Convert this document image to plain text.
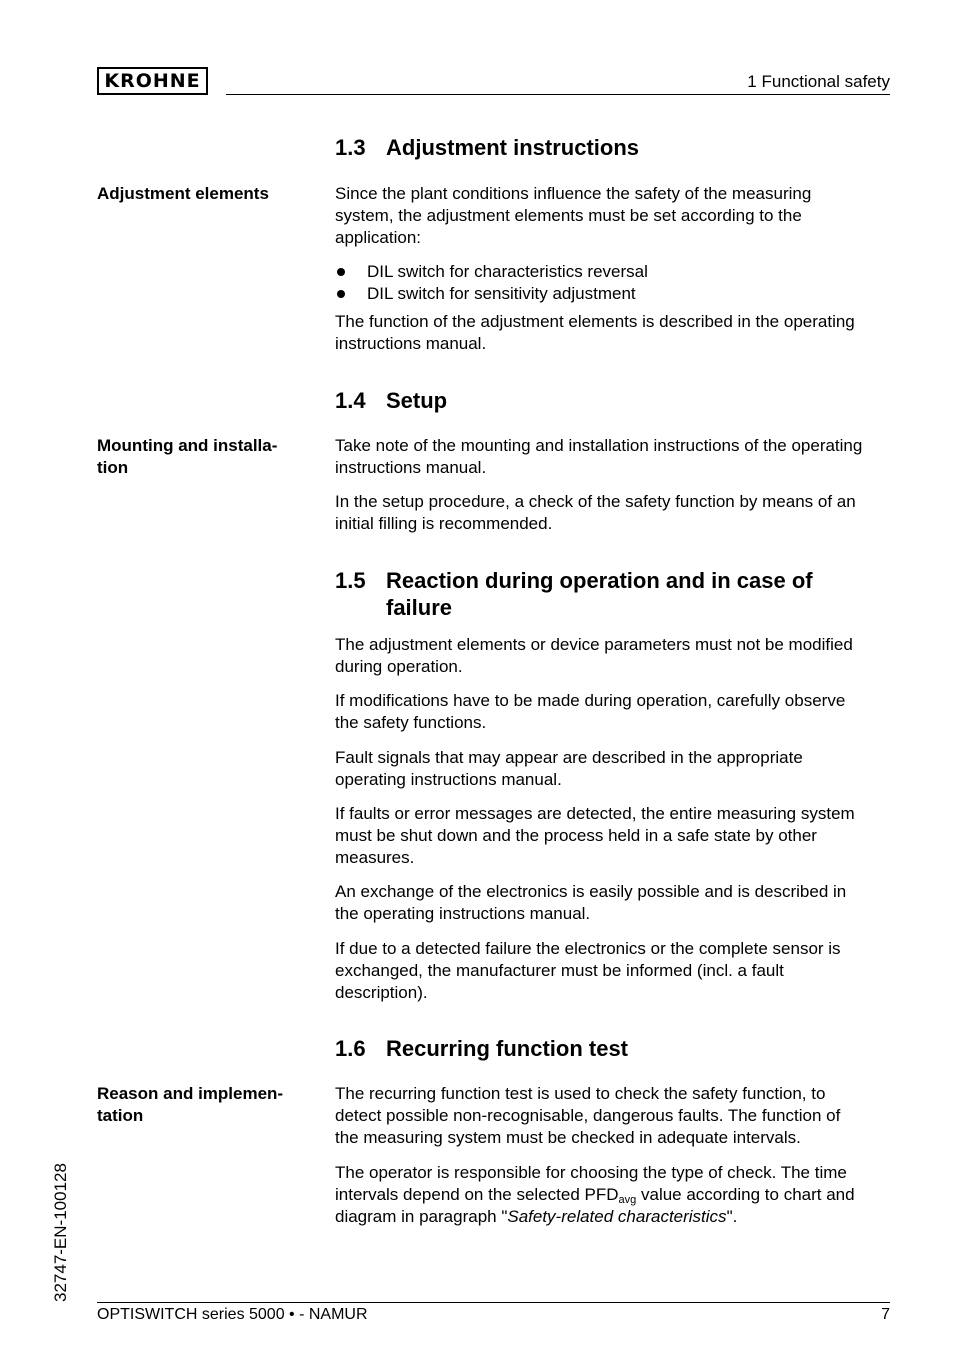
KROHNE	1 Functional safety
1.3 Adjustment instructions

Adjustment elements	Since the plant conditions influence the safety of the measuring
system, the adjustment elements must be set according to the
application:

DIL switch for characteristics reversal
DIL switch for sensitivity adjustment

The function of the adjustment elements is described in the operating
instructions manual.

1.4 Setup

Mounting and installa-
tion

Take note of the mounting and installation instructions of the operating
instructions manual.

In the setup procedure, a check of the safety function by means of an
initial filling is recommended.

1.5 Reaction during operation and in case of
failure

The adjustment elements or device parameters must not be modified
during operation.

If modifications have to be made during operation, carefully observe
the safety functions.

Fault signals that may appear are described in the appropriate
operating instructions manual.

If faults or error messages are detected, the entire measuring system
must be shut down and the process held in a safe state by other
measures.

An exchange of the electronics is easily possible and is described in
the operating instructions manual.

If due to a detected failure the electronics or the complete sensor is
exchanged, the manufacturer must be informed (incl. a fault
description).

1.6 Recurring function test

Reason and implemen-
tation

The recurring function test is used to check the safety function, to
detect possible non-recognisable, dangerous faults. The function of
the measuring system must be checked in adequate intervals.

The operator is responsible for choosing the type of check. The time
intervals depend on the selected $PFD_{avg}$ value according to chart and
diagram in paragraph "Safety-related characteristics".

32747-EN-100128
OPTISWITCH series 5000 • - NAMUR	7
